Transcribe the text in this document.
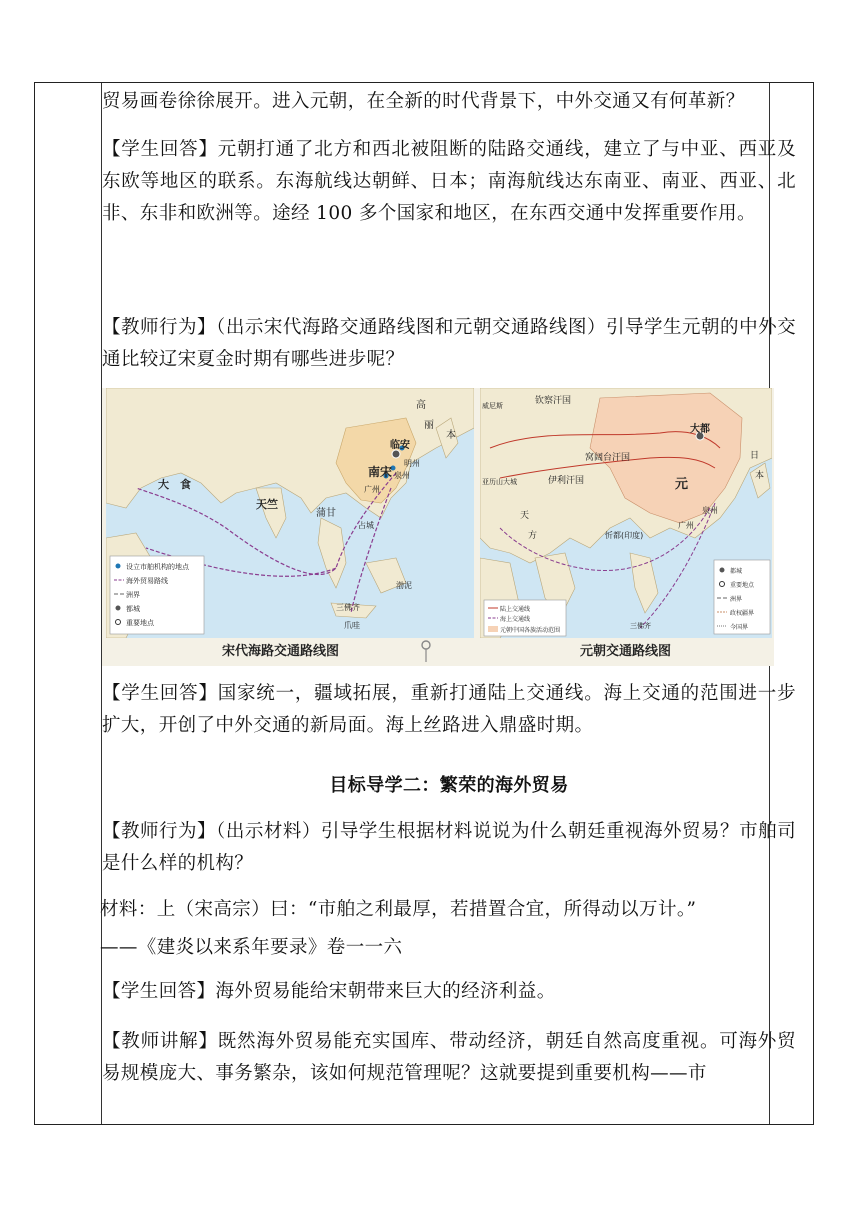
贸易画卷徐徐展开。进入元朝，在全新的时代背景下，中外交通又有何革新？

【学生回答】元朝打通了北方和西北被阻断的陆路交通线，建立了与中亚、西亚及东欧等地区的联系。东海航线达朝鲜、日本；南海航线达东南亚、南亚、西亚、北非、东非和欧洲等。途经 100 多个国家和地区，在东西交通中发挥重要作用。

【教师行为】（出示宋代海路交通路线图和元朝交通路线图）引导学生元朝的中外交通比较辽宋夏金时期有哪些进步呢？

【学生回答】国家统一，疆域拓展，重新打通陆上交通线。海上交通的范围进一步扩大，开创了中外交通的新局面。海上丝路进入鼎盛时期。

目标导学二：繁荣的海外贸易

【教师行为】（出示材料）引导学生根据材料说说为什么朝廷重视海外贸易？市舶司是什么样的机构？

材料：上（宋高宗）曰：“市舶之利最厚，若措置合宜，所得动以万计。”

——《建炎以来系年要录》卷一一六

【学生回答】海外贸易能给宋朝带来巨大的经济利益。

【教师讲解】既然海外贸易能充实国库、带动经济，朝廷自然高度重视。可海外贸易规模庞大、事务繁杂，该如何规范管理呢？这就要提到重要机构——市

大　食
天竺
蒲甘
南宋
临安
高
丽
本
广州
泉州
明州
三佛齐
爪哇
渤泥
占城
设立市舶机构的地点
海外贸易路线
洲界
都城
重要地点
钦察汗国
窝阔台汗国
伊利汗国
大都
元
天
方	忻都(印度)
广州
泉州
日
本
亚历山大城
威尼斯
三佛齐
陆上交通线
海上交通线
元朝中国各族活动范围
都城
重要地点
洲界
政权疆界
今国界
宋代海路交通路线图	元朝交通路线图
